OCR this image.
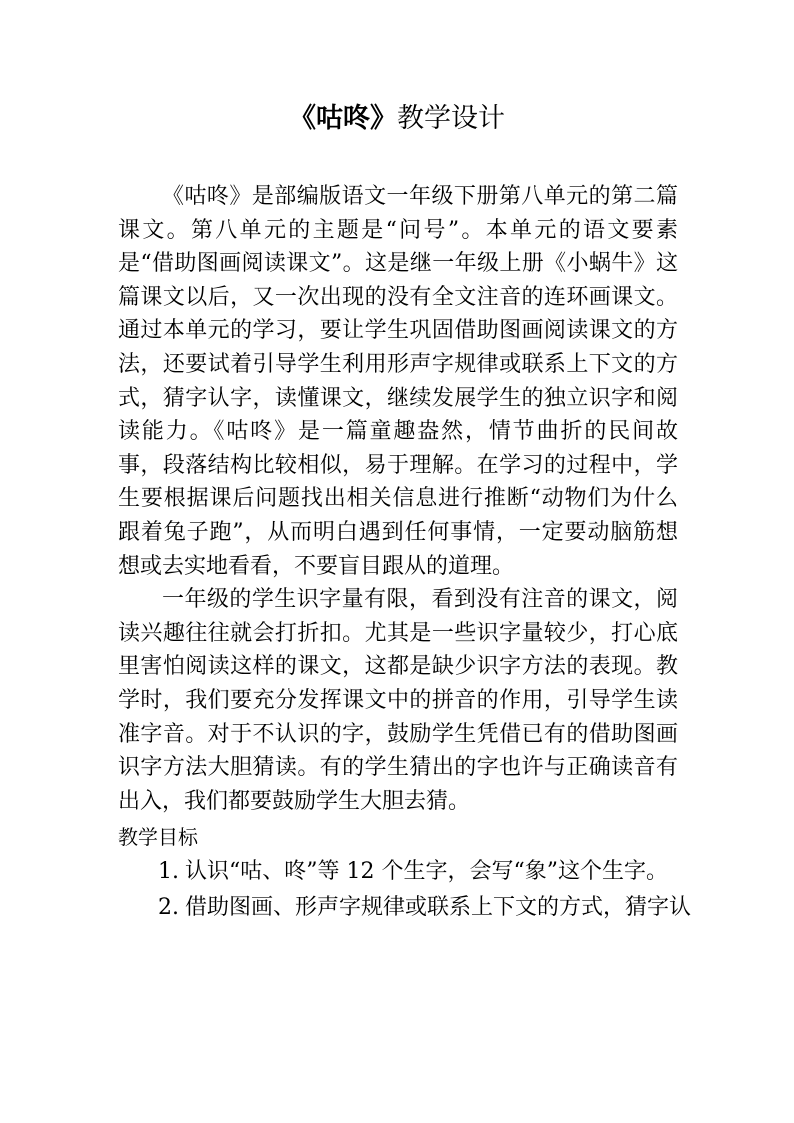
《咕咚》教学设计

《咕咚》是部编版语文一年级下册第八单元的第二篇课文。第八单元的主题是“问号”。本单元的语文要素是“借助图画阅读课文”。这是继一年级上册《小蜗牛》这篇课文以后，又一次出现的没有全文注音的连环画课文。通过本单元的学习，要让学生巩固借助图画阅读课文的方法，还要试着引导学生利用形声字规律或联系上下文的方式，猜字认字，读懂课文，继续发展学生的独立识字和阅读能力。《咕咚》是一篇童趣盎然，情节曲折的民间故事，段落结构比较相似，易于理解。在学习的过程中，学生要根据课后问题找出相关信息进行推断“动物们为什么跟着兔子跑”，从而明白遇到任何事情，一定要动脑筋想想或去实地看看，不要盲目跟从的道理。

一年级的学生识字量有限，看到没有注音的课文，阅读兴趣往往就会打折扣。尤其是一些识字量较少，打心底里害怕阅读这样的课文，这都是缺少识字方法的表现。教学时，我们要充分发挥课文中的拼音的作用，引导学生读准字音。对于不认识的字，鼓励学生凭借已有的借助图画识字方法大胆猜读。有的学生猜出的字也许与正确读音有出入，我们都要鼓励学生大胆去猜。

教学目标

1. 认识“咕、咚”等 12 个生字，会写“象”这个生字。

2. 借助图画、形声字规律或联系上下文的方式，猜字认
